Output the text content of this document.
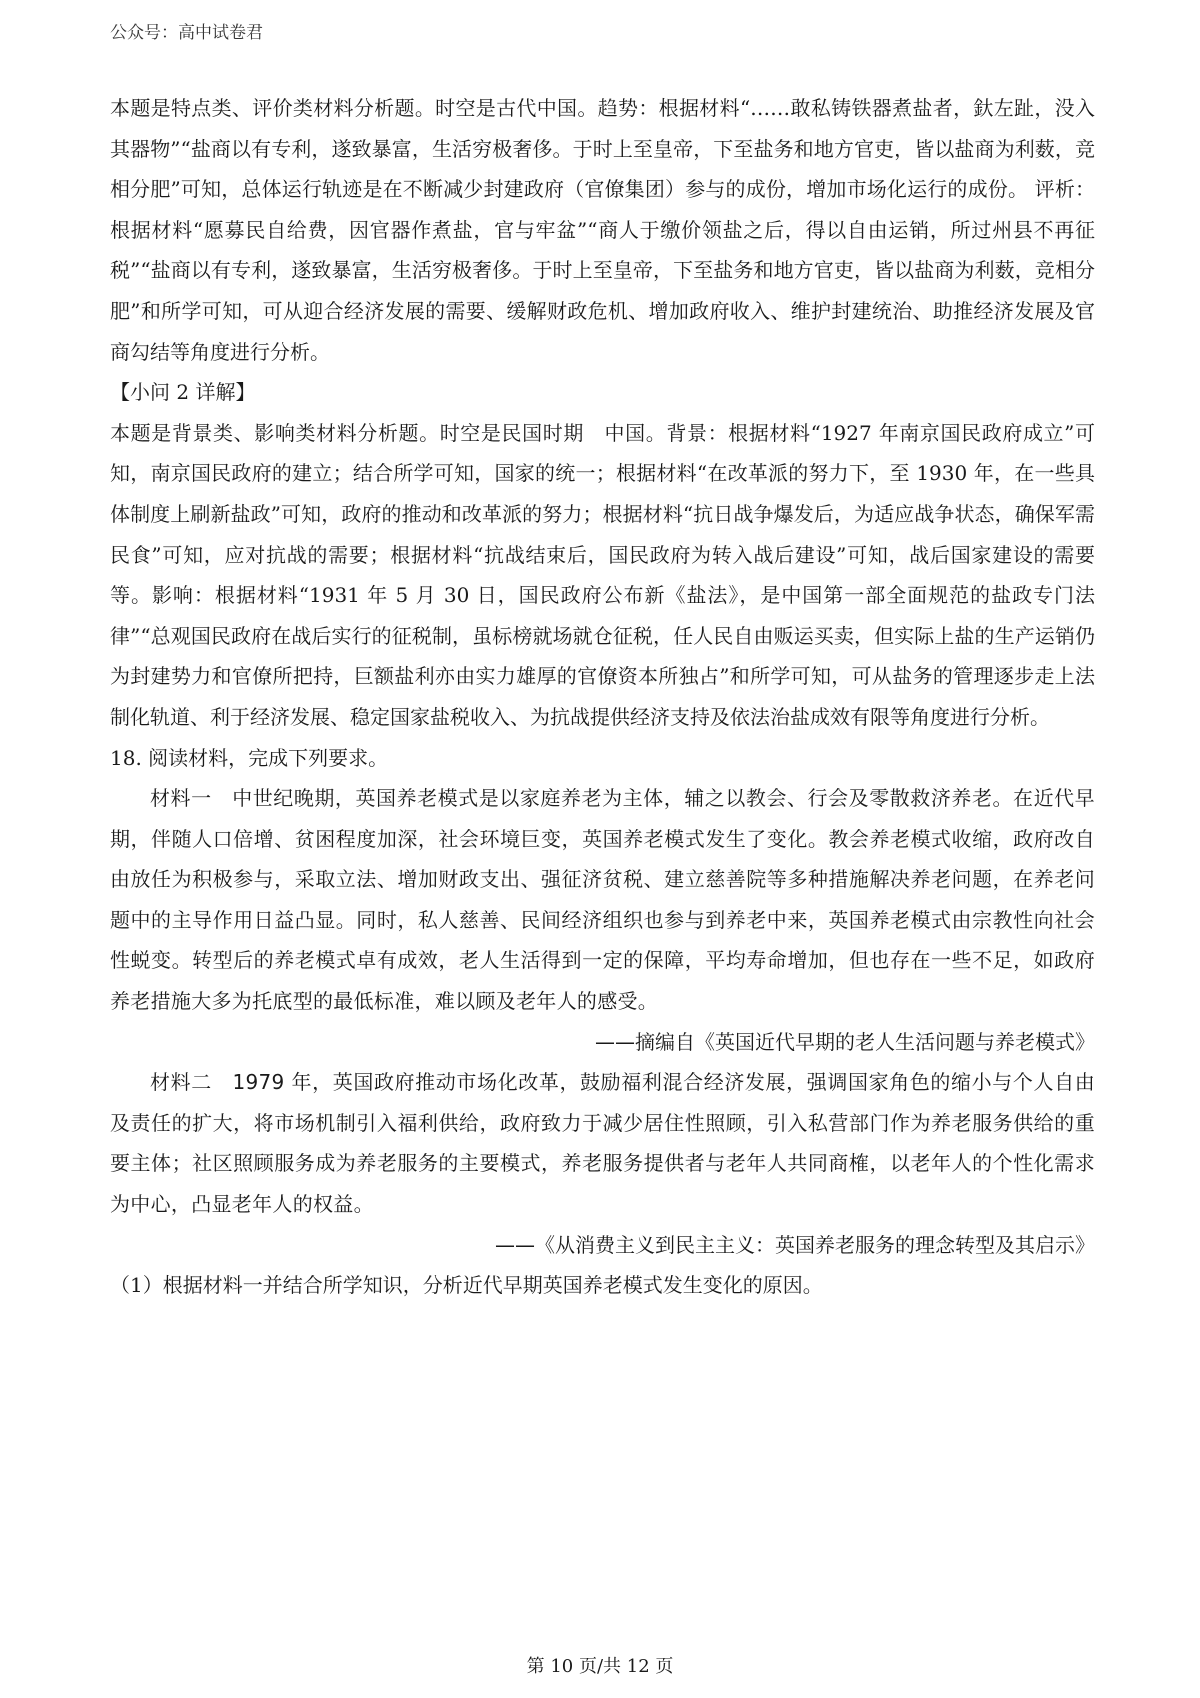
公众号：高中试卷君

本题是特点类、评价类材料分析题。时空是古代中国。趋势：根据材料“……敢私铸铁器煮盐者，釱左趾，没入其器物”“盐商以有专利，遂致暴富，生活穷极奢侈。于时上至皇帝，下至盐务和地方官吏，皆以盐商为利薮，竞相分肥”可知，总体运行轨迹是在不断减少封建政府（官僚集团）参与的成份，增加市场化运行的成份。 评析：根据材料“愿募民自给费，因官器作煮盐，官与牢盆”“商人于缴价领盐之后，得以自由运销，所过州县不再征税”“盐商以有专利，遂致暴富，生活穷极奢侈。于时上至皇帝，下至盐务和地方官吏，皆以盐商为利薮，竞相分肥”和所学可知，可从迎合经济发展的需要、缓解财政危机、增加政府收入、维护封建统治、助推经济发展及官商勾结等角度进行分析。

【小问 2 详解】

本题是背景类、影响类材料分析题。时空是民国时期　中国。背景：根据材料“1927 年南京国民政府成立”可知，南京国民政府的建立；结合所学可知，国家的统一；根据材料“在改革派的努力下，至 1930 年，在一些具体制度上刷新盐政”可知，政府的推动和改革派的努力；根据材料“抗日战争爆发后，为适应战争状态，确保军需民食”可知，应对抗战的需要；根据材料“抗战结束后，国民政府为转入战后建设”可知，战后国家建设的需要等。影响：根据材料“1931 年 5 月 30 日，国民政府公布新《盐法》，是中国第一部全面规范的盐政专门法律”“总观国民政府在战后实行的征税制，虽标榜就场就仓征税，任人民自由贩运买卖，但实际上盐的生产运销仍为封建势力和官僚所把持，巨额盐利亦由实力雄厚的官僚资本所独占”和所学可知，可从盐务的管理逐步走上法制化轨道、利于经济发展、稳定国家盐税收入、为抗战提供经济支持及依法治盐成效有限等角度进行分析。

18. 阅读材料，完成下列要求。

材料一　中世纪晚期，英国养老模式是以家庭养老为主体，辅之以教会、行会及零散救济养老。在近代早期，伴随人口倍增、贫困程度加深，社会环境巨变，英国养老模式发生了变化。教会养老模式收缩，政府改自由放任为积极参与，采取立法、增加财政支出、强征济贫税、建立慈善院等多种措施解决养老问题，在养老问题中的主导作用日益凸显。同时，私人慈善、民间经济组织也参与到养老中来，英国养老模式由宗教性向社会性蜕变。转型后的养老模式卓有成效，老人生活得到一定的保障，平均寿命增加，但也存在一些不足，如政府养老措施大多为托底型的最低标准，难以顾及老年人的感受。

——摘编自《英国近代早期的老人生活问题与养老模式》

材料二　1979 年，英国政府推动市场化改革，鼓励福利混合经济发展，强调国家角色的缩小与个人自由及责任的扩大，将市场机制引入福利供给，政府致力于减少居住性照顾，引入私营部门作为养老服务供给的重要主体；社区照顾服务成为养老服务的主要模式，养老服务提供者与老年人共同商榷，以老年人的个性化需求为中心，凸显老年人的权益。

——《从消费主义到民主主义：英国养老服务的理念转型及其启示》

（1）根据材料一并结合所学知识，分析近代早期英国养老模式发生变化的原因。

第 10 页/共 12 页
